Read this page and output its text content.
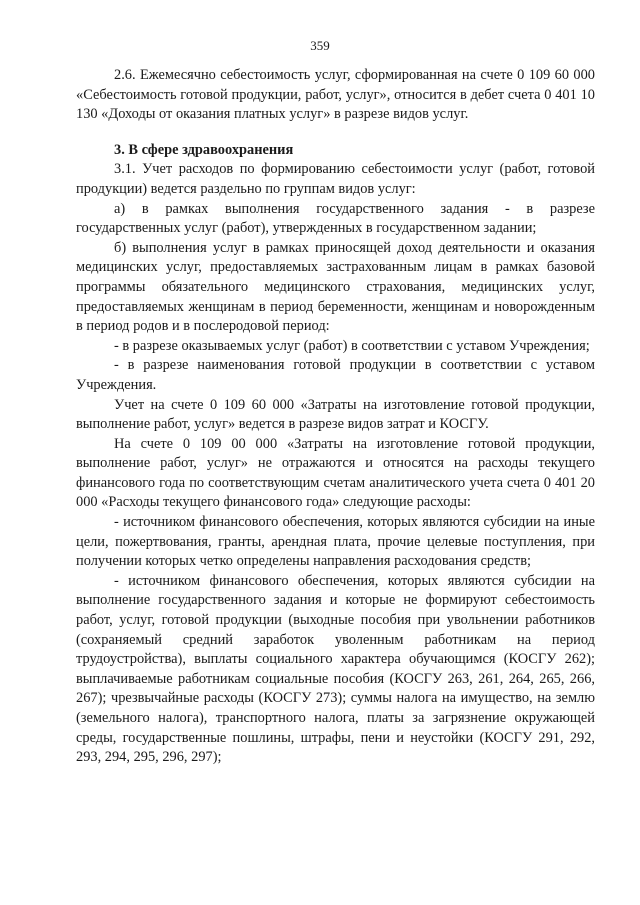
359

2.6. Ежемесячно себестоимость услуг, сформированная на счете 0 109 60 000 «Себестоимость готовой продукции, работ, услуг», относится в дебет счета 0 401 10 130 «Доходы от оказания платных услуг» в разрезе видов услуг.

3. В сфере здравоохранения

3.1. Учет расходов по формированию себестоимости услуг (работ, готовой продукции) ведется раздельно по группам видов услуг:

а) в рамках выполнения государственного задания - в разрезе государственных услуг (работ), утвержденных в государственном задании;

б) выполнения услуг в рамках приносящей доход деятельности и оказания медицинских услуг, предоставляемых застрахованным лицам в рамках базовой программы обязательного медицинского страхования, медицинских услуг, предоставляемых женщинам в период беременности, женщинам и новорожденным в период родов и в послеродовой период:

- в разрезе оказываемых услуг (работ) в соответствии с уставом Учреждения;

- в разрезе наименования готовой продукции в соответствии с уставом Учреждения.

Учет на счете 0 109 60 000 «Затраты на изготовление готовой продукции, выполнение работ, услуг» ведется в разрезе видов затрат и КОСГУ.

На счете 0 109 00 000 «Затраты на изготовление готовой продукции, выполнение работ, услуг» не отражаются и относятся на расходы текущего финансового года по соответствующим счетам аналитического учета счета 0 401 20 000 «Расходы текущего финансового года» следующие расходы:

- источником финансового обеспечения, которых являются субсидии на иные цели, пожертвования, гранты, арендная плата, прочие целевые поступления, при получении которых четко определены направления расходования средств;

- источником финансового обеспечения, которых являются субсидии на выполнение государственного задания и которые не формируют себестоимость работ, услуг, готовой продукции (выходные пособия при увольнении работников (сохраняемый средний заработок уволенным работникам на период трудоустройства), выплаты социального характера обучающимся (КОСГУ 262); выплачиваемые работникам социальные пособия (КОСГУ 263, 261, 264, 265, 266, 267); чрезвычайные расходы (КОСГУ 273); суммы налога на имущество, на землю (земельного налога), транспортного налога, платы за загрязнение окружающей среды, государственные пошлины, штрафы, пени и неустойки (КОСГУ 291, 292, 293, 294, 295, 296, 297);
